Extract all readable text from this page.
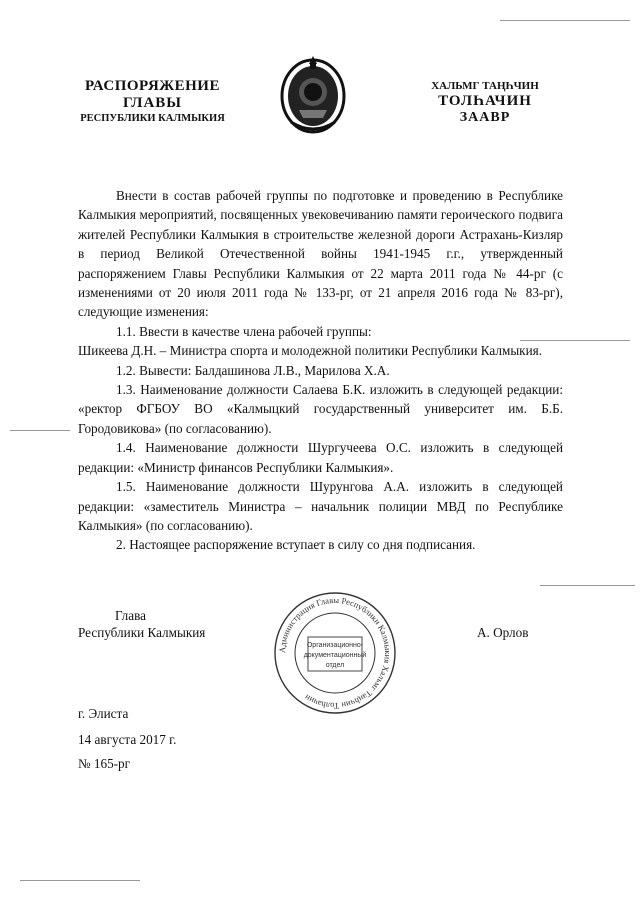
РАСПОРЯЖЕНИЕ
ГЛАВЫ
РЕСПУБЛИКИ КАЛМЫКИЯ
ХАЛЬМГ ТАҢҺЧИН
ТОЛҺАЧИН
ЗААВР

Внести в состав рабочей группы по подготовке и проведению в Республике Калмыкия мероприятий, посвященных увековечиванию памяти героического подвига жителей Республики Калмыкия в строительстве железной дороги Астрахань-Кизляр в период Великой Отечественной войны 1941-1945 г.г., утвержденный распоряжением Главы Республики Калмыкия от 22 марта 2011 года № 44-рг (с изменениями от 20 июля 2011 года № 133-рг, от 21 апреля 2016 года № 83-рг), следующие изменения:

1.1. Ввести в качестве члена рабочей группы:

Шикеева Д.Н. – Министра спорта и молодежной политики Республики Калмыкия.

1.2. Вывести: Балдашинова Л.В., Марилова Х.А.

1.3. Наименование должности Салаева Б.К. изложить в следующей редакции: «ректор ФГБОУ ВО «Калмыцкий государственный университет им. Б.Б. Городовикова» (по согласованию).

1.4. Наименование должности Шургучеева О.С. изложить в следующей редакции: «Министр финансов Республики Калмыкия».

1.5. Наименование должности Шурунгова А.А. изложить в следующей редакции: «заместитель Министра – начальник полиции МВД по Республике Калмыкия» (по согласованию).

2. Настоящее распоряжение вступает в силу со дня подписания.

Глава
Республики Калмыкия	А. Орлов
Администрация Главы Республики Калмыкия Хальмг Таңһчин Толһачин
Организационно-
документационный
отдел
г. Элиста
14 августа 2017 г.
№ 165-рг
